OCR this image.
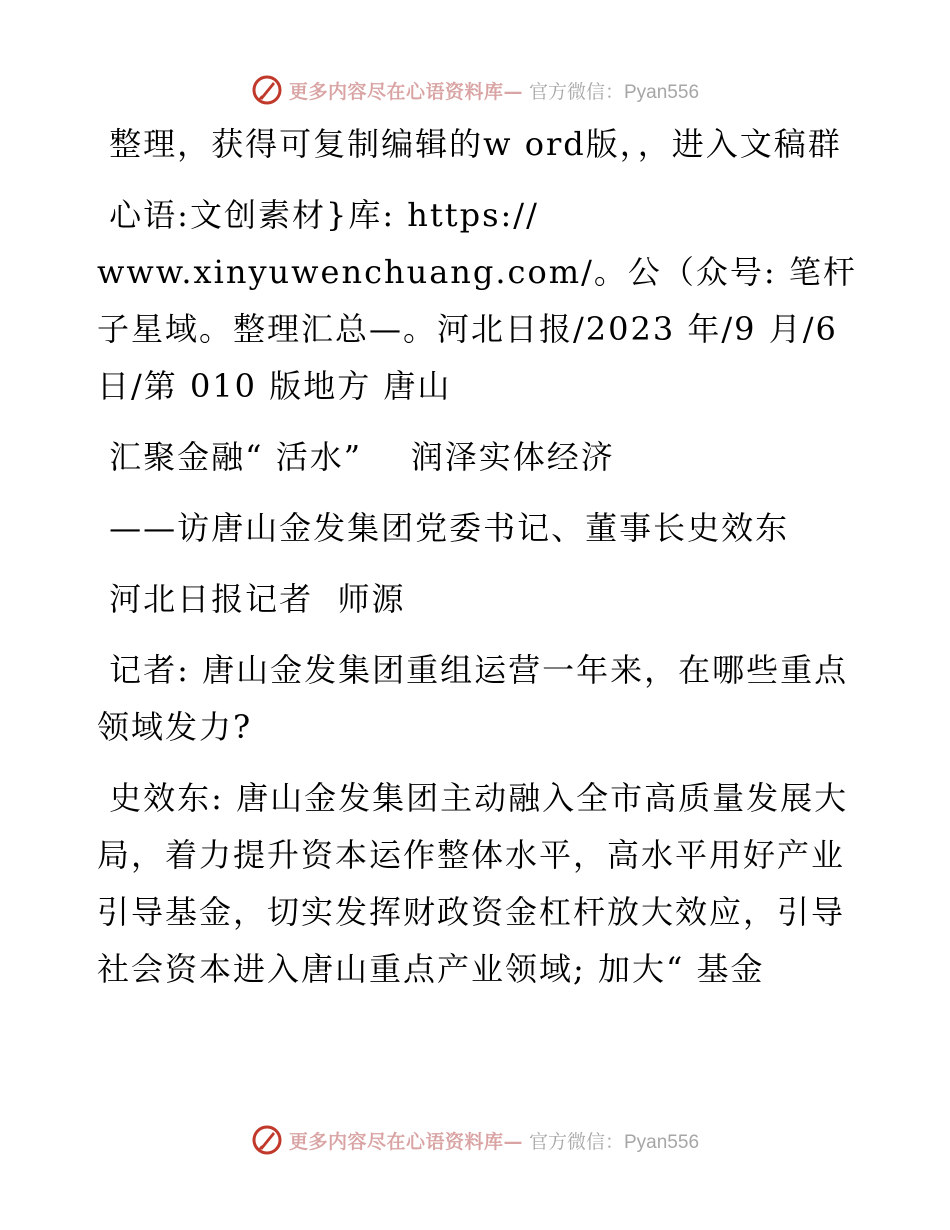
更多内容尽在心语资料库— 官方微信：Pyan556

整理，获得可复制编辑的w ord版，，进入文稿群

心语:文创素材}库: https://
www.xinyuwenchuang.com/。公（众号: 笔杆子星域。整理汇总—。河北日报/2023 年/9 月/6 日/第 010 版地方 唐山

汇聚金融“ 活水”    润泽实体经济

——访唐山金发集团党委书记、董事长史效东

河北日报记者  师源

记者: 唐山金发集团重组运营一年来，在哪些重点领域发力?

史效东: 唐山金发集团主动融入全市高质量发展大局，着力提升资本运作整体水平，高水平用好产业引导基金，切实发挥财政资金杠杆放大效应，引导社会资本进入唐山重点产业领域; 加大“ 基金

更多内容尽在心语资料库— 官方微信：Pyan556
